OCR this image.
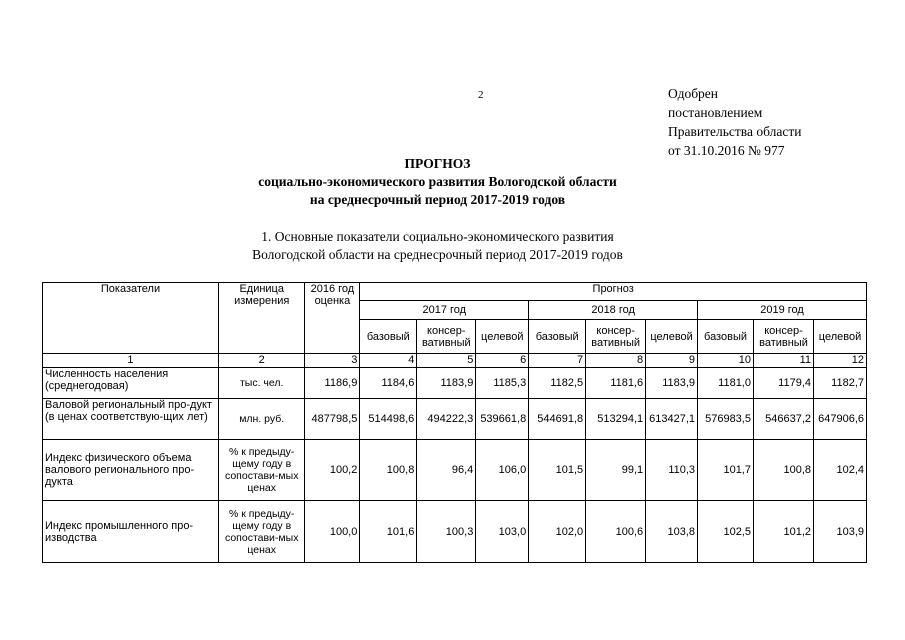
2	Одобрен
постановлением
Правительства области
от 31.10.2016 № 977
ПРОГНОЗ
социально-экономического развития Вологодской области
на среднесрочный период 2017-2019 годов
1. Основные показатели социально-экономического развития
Вологодской области на среднесрочный период 2017-2019 годов
Показатели	Единица измерения	2016 год оценка	Прогноз								
			2017 год			2018 год			2019 год		
			базовый	консер-вативный	целевой	базовый	консер-вативный	целевой	базовый	консер-вативный	целевой
1	2	3	4	5	6	7	8	9	10	11	12
Численность населения (среднегодовая)	тыс. чел.	1186,9	1184,6	1183,9	1185,3	1182,5	1181,6	1183,9	1181,0	1179,4	1182,7
Валовой региональный про-дукт (в ценах соответствую-щих лет)	млн. руб.	487798,5	514498,6	494222,3	539661,8	544691,8	513294,1	613427,1	576983,5	546637,2	647906,6
Индекс физического объема валового регионального про-дукта	% к предыду-щему году в сопостави-мых ценах	100,2	100,8	96,4	106,0	101,5	99,1	110,3	101,7	100,8	102,4
Индекс промышленного про-изводства	% к предыду-щему году в сопостави-мых ценах	100,0	101,6	100,3	103,0	102,0	100,6	103,8	102,5	101,2	103,9
